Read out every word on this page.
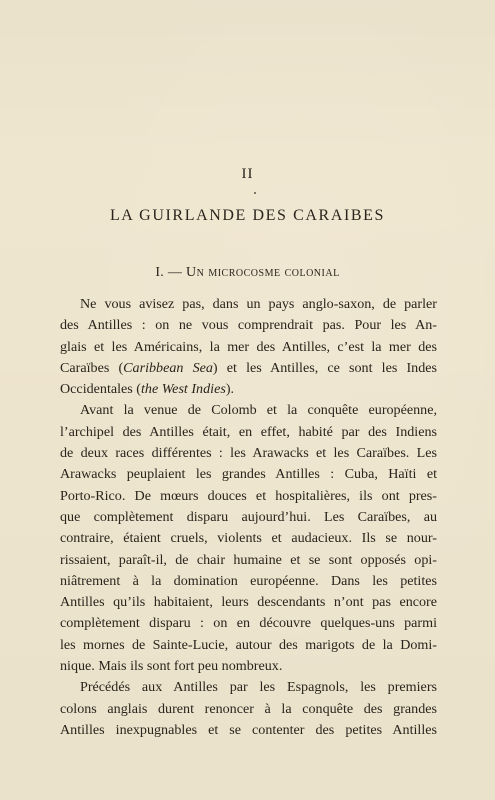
II
LA GUIRLANDE DES CARAIBES
I. — Un microcosme colonial
Ne vous avisez pas, dans un pays anglo-saxon, de parler
des Antilles : on ne vous comprendrait pas. Pour les An-
glais et les Américains, la mer des Antilles, c’est la mer des
Caraïbes (Caribbean Sea) et les Antilles, ce sont les Indes
Occidentales (the West Indies).
Avant la venue de Colomb et la conquête européenne,
l’archipel des Antilles était, en effet, habité par des Indiens
de deux races différentes : les Arawacks et les Caraïbes. Les
Arawacks peuplaient les grandes Antilles : Cuba, Haïti et
Porto-Rico. De mœurs douces et hospitalières, ils ont pres-
que complètement disparu aujourd’hui. Les Caraïbes, au
contraire, étaient cruels, violents et audacieux. Ils se nour-
rissaient, paraît-il, de chair humaine et se sont opposés opi-
niâtrement à la domination européenne. Dans les petites
Antilles qu’ils habitaient, leurs descendants n’ont pas encore
complètement disparu : on en découvre quelques-uns parmi
les mornes de Sainte-Lucie, autour des marigots de la Domi-
nique. Mais ils sont fort peu nombreux.
Précédés aux Antilles par les Espagnols, les premiers
colons anglais durent renoncer à la conquête des grandes
Antilles inexpugnables et se contenter des petites Antilles
